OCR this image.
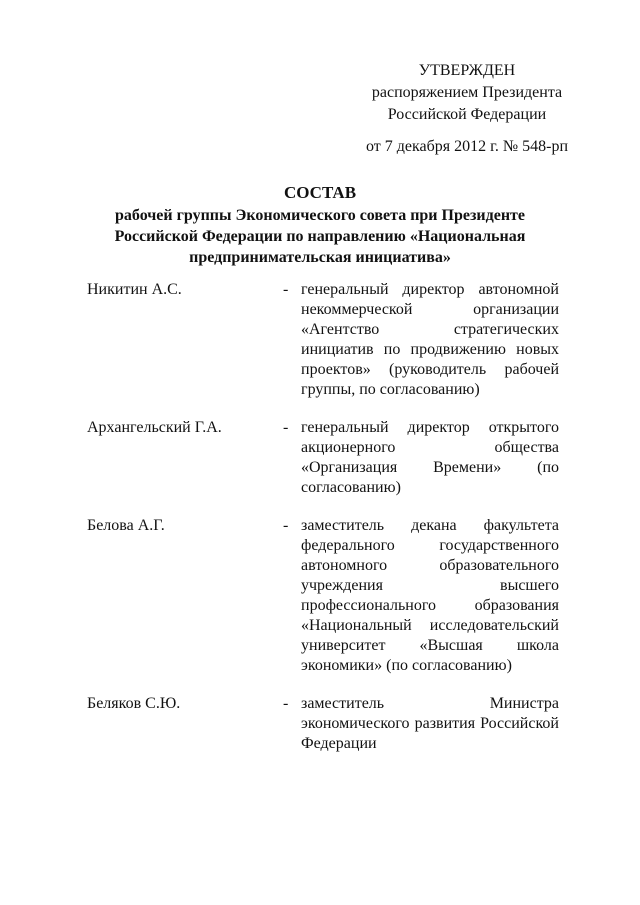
УТВЕРЖДЕН
распоряжением Президента
Российской Федерации
от 7 декабря 2012 г. № 548-рп
СОСТАВ
рабочей группы Экономического совета при Президенте
Российской Федерации по направлению «Национальная
предпринимательская инициатива»
Никитин А.С.	- генеральный директор автономной некоммерческой организации «Агентство стратегических инициатив по продвижению новых проектов» (руководитель рабочей группы, по согласованию)
Архангельский Г.А.	- генеральный директор открытого акционерного общества «Организация Времени» (по согласованию)
Белова А.Г.	- заместитель декана факультета федерального государственного автономного образовательного учреждения высшего профессионального образования «Национальный исследовательский университет «Высшая школа экономики» (по согласованию)
Беляков С.Ю.	- заместитель Министра экономического развития Российской Федерации
